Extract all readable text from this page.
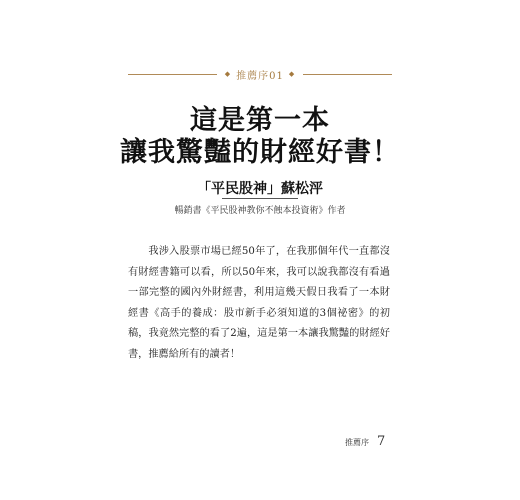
◆ 推薦序01 ◆
這是第一本
讓我驚豔的財經好書！
「平民股神」蘇松泙
暢銷書《平民股神教你不蝕本投資術》作者
我涉入股票市場已經50年了，在我那個年代一直都沒有財經書籍可以看，所以50年來，我可以說我都沒有看過一部完整的國內外財經書，利用這幾天假日我看了一本財經書《高手的養成：股市新手必須知道的3個祕密》的初稿，我竟然完整的看了2遍，這是第一本讓我驚豔的財經好書，推薦給所有的讀者！
推薦序 7
